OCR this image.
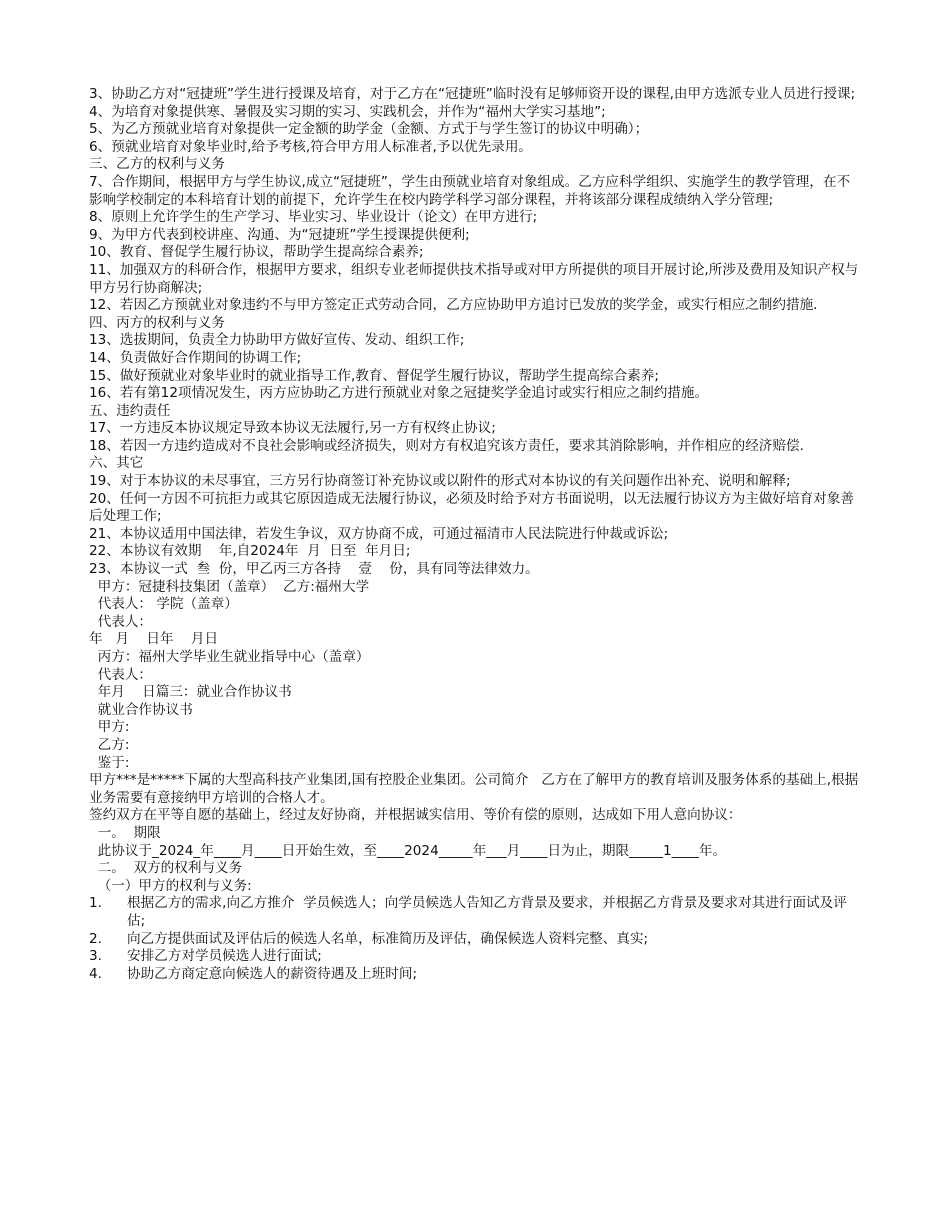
3、协助乙方对“冠捷班”学生进行授课及培育，对于乙方在“冠捷班”临时没有足够师资开设的课程,由甲方选派专业人员进行授课;
4、为培育对象提供寒、暑假及实习期的实习、实践机会，并作为“福州大学实习基地”;
5、为乙方预就业培育对象提供一定金额的助学金（金额、方式于与学生签订的协议中明确）；
6、预就业培育对象毕业时,给予考核,符合甲方用人标准者,予以优先录用。
三、乙方的权利与义务
7、合作期间，根据甲方与学生协议,成立“冠捷班”，学生由预就业培育对象组成。乙方应科学组织、实施学生的教学管理，在不影响学校制定的本科培育计划的前提下，允许学生在校内跨学科学习部分课程，并将该部分课程成绩纳入学分管理;
8、原则上允许学生的生产学习、毕业实习、毕业设计（论文）在甲方进行;
9、为甲方代表到校讲座、沟通、为“冠捷班”学生授课提供便利;
10、教育、督促学生履行协议，帮助学生提高综合素养;
11、加强双方的科研合作，根据甲方要求，组织专业老师提供技术指导或对甲方所提供的项目开展讨论,所涉及费用及知识产权与甲方另行协商解决;
12、若因乙方预就业对象违约不与甲方签定正式劳动合同，乙方应协助甲方追讨已发放的奖学金，或实行相应之制约措施.
四、丙方的权利与义务
13、选拔期间，负责全力协助甲方做好宣传、发动、组织工作;
14、负责做好合作期间的协调工作;
15、做好预就业对象毕业时的就业指导工作,教育、督促学生履行协议，帮助学生提高综合素养;
16、若有第12项情况发生，丙方应协助乙方进行预就业对象之冠捷奖学金追讨或实行相应之制约措施。
五、违约责任
17、一方违反本协议规定导致本协议无法履行,另一方有权终止协议;
18、若因一方违约造成对不良社会影响或经济损失，则对方有权追究该方责任，要求其消除影响，并作相应的经济赔偿.
六、其它
19、对于本协议的未尽事宜，三方另行协商签订补充协议或以附件的形式对本协议的有关问题作出补充、说明和解释;
20、任何一方因不可抗拒力或其它原因造成无法履行协议，必须及时给予对方书面说明，以无法履行协议方为主做好培育对象善后处理工作;
21、本协议适用中国法律，若发生争议，双方协商不成，可通过福清市人民法院进行仲裁或诉讼;
22、本协议有效期    年,自2024年  月  日至  年月日;
23、本协议一式  叁  份，甲乙丙三方各持    壹    份，具有同等法律效力。
甲方：冠捷科技集团（盖章）  乙方:福州大学
代表人： 学院（盖章）
代表人：
年   月    日年    月日
丙方：福州大学毕业生就业指导中心（盖章）
代表人：
年月    日篇三：就业合作协议书
就业合作协议书
甲方:
乙方:
鉴于:
甲方***是*****下属的大型高科技产业集团,国有控股企业集团。公司简介   乙方在了解甲方的教育培训及服务体系的基础上,根据业务需要有意接纳甲方培训的合格人才。
签约双方在平等自愿的基础上，经过友好协商，并根据诚实信用、等价有偿的原则，达成如下用人意向协议：
一。  期限
此协议于_2024_年____月____日开始生效，至____2024_____年___月____日为止，期限_____1____年。
二。  双方的权利与义务
（一）甲方的权利与义务:
1.	根据乙方的需求,向乙方推介  学员候选人；向学员候选人告知乙方背景及要求，并根据乙方背景及要求对其进行面试及评估;
2.	向乙方提供面试及评估后的候选人名单，标准简历及评估，确保候选人资料完整、真实;
3.	安排乙方对学员候选人进行面试;
4.	协助乙方商定意向候选人的薪资待遇及上班时间;
